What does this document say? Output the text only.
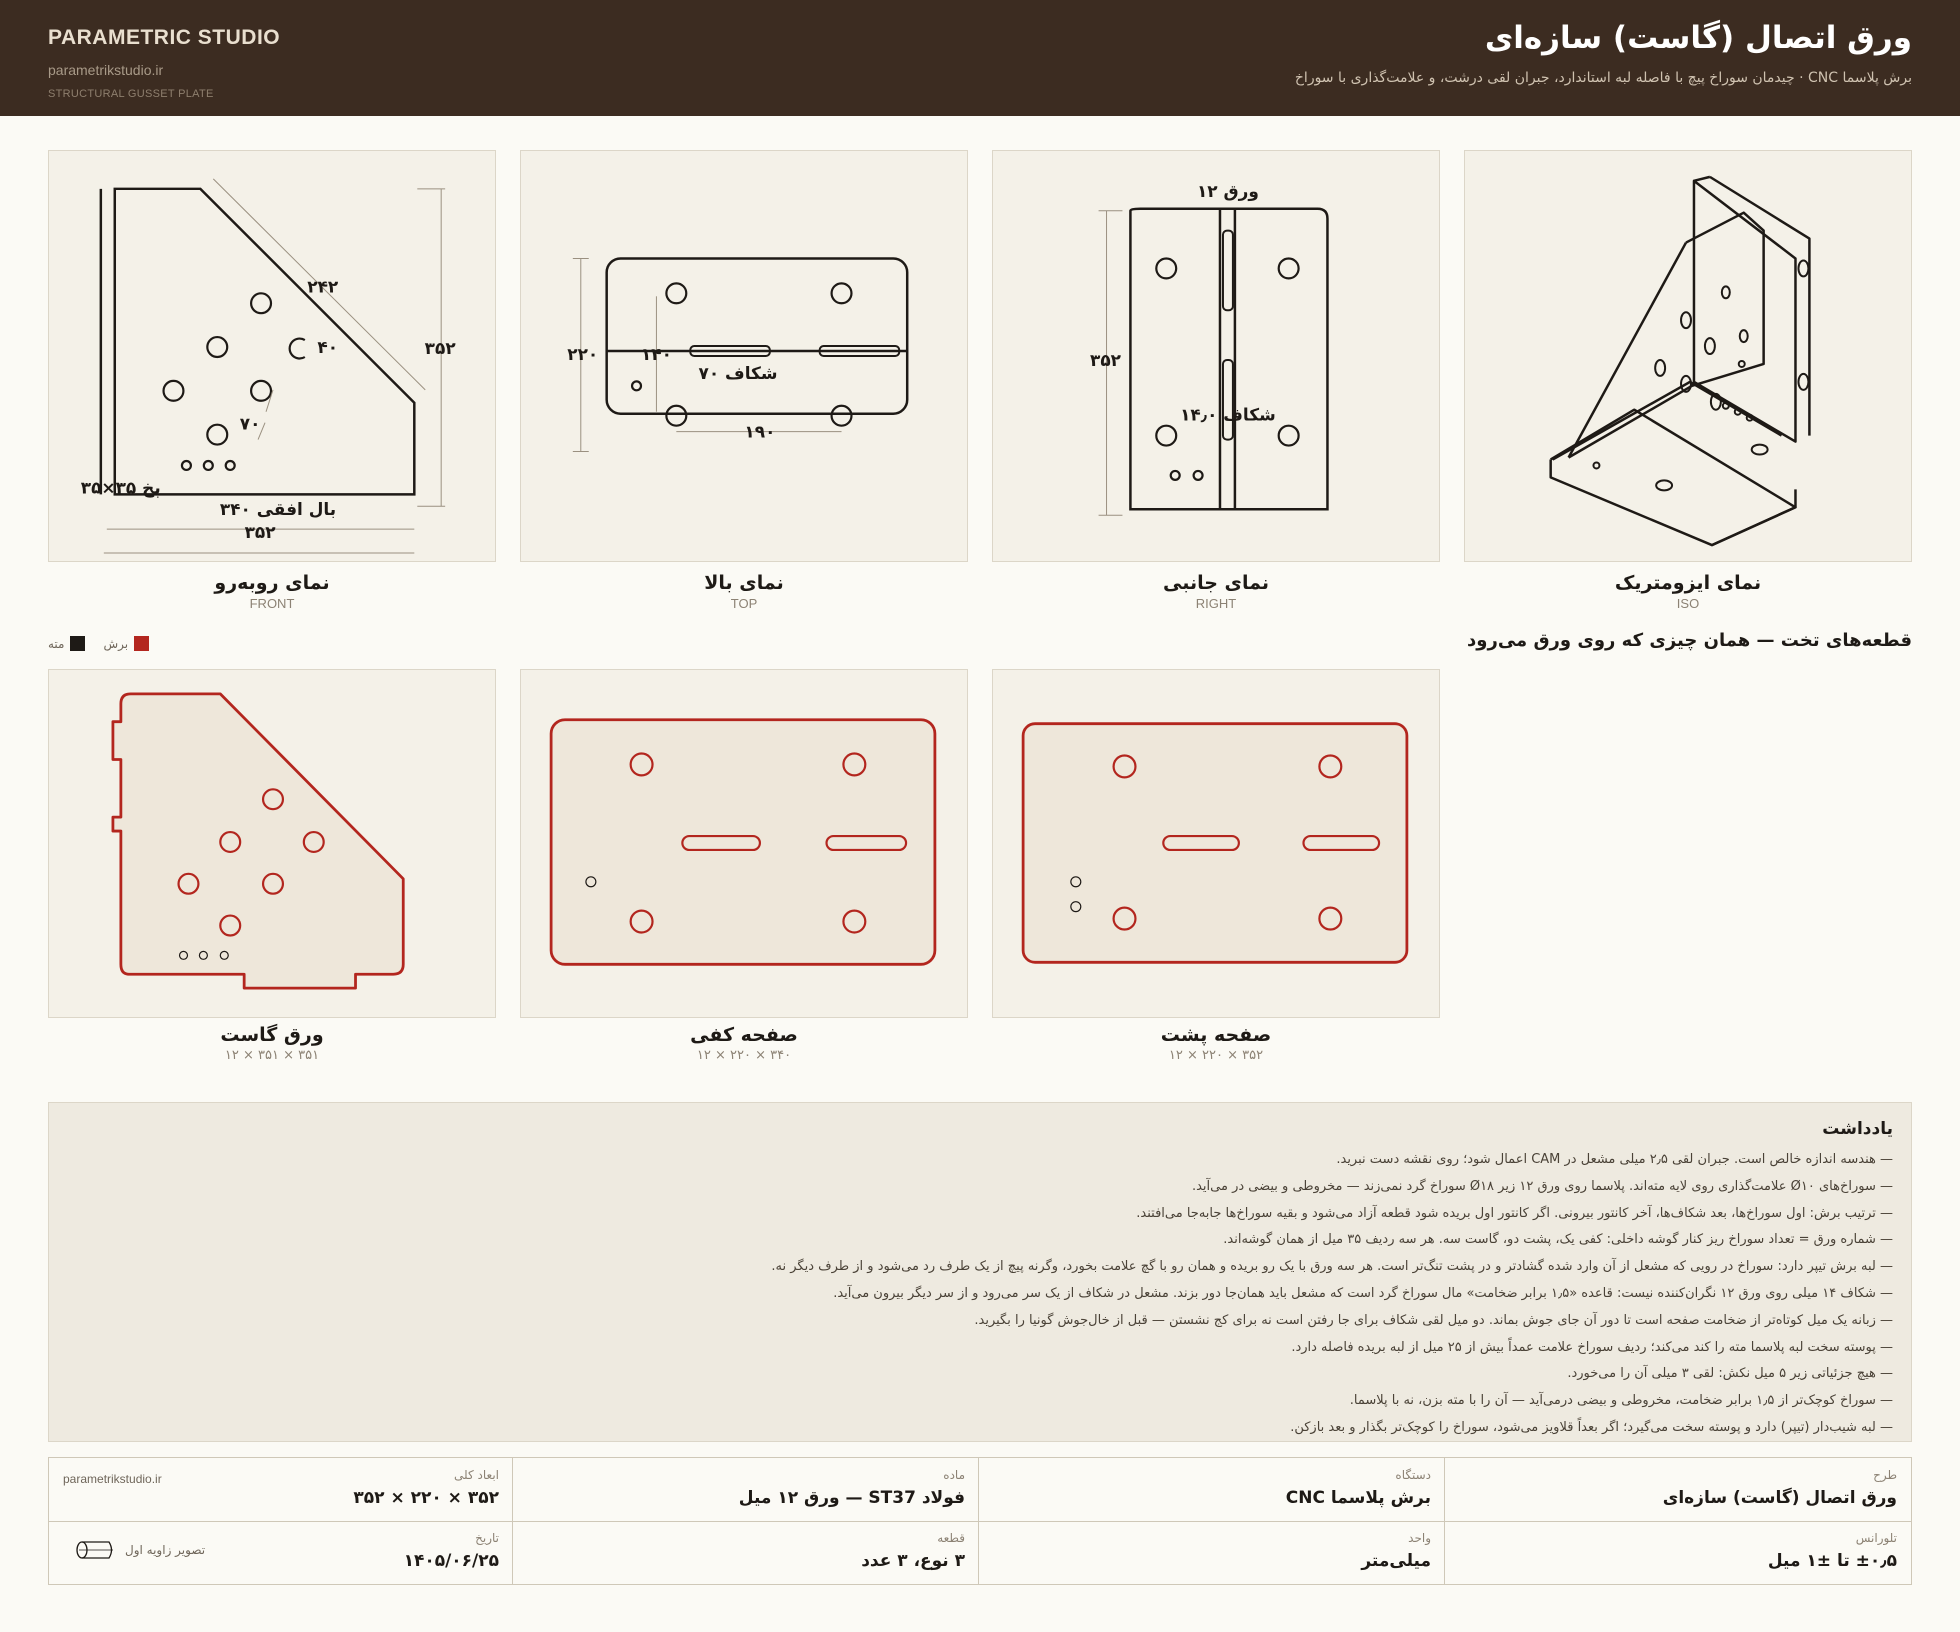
PARAMETRIC STUDIO
parametrikstudio.ir
STRUCTURAL GUSSET PLATE
ورق اتصال (گاست) سازه‌ای
برش پلاسما CNC · چیدمان سوراخ پیچ با فاصله لبه استاندارد، جبران لقی درشت، و علامت‌گذاری با سوراخ
۲۴۲
۳۵۲
۴۰
۷۰
پخ ۳۵×۳۵
بال افقی ۳۴۰
۳۵۲
۲۲۰	۱۴۰
شکاف ۷۰
۱۹۰
ورق ۱۲
۳۵۲
شکاف ۱۴٫۰
نمای روبه‌رو
FRONT
نمای بالا
TOP
نمای جانبی
RIGHT
نمای ایزومتریک
ISO
قطعه‌های تخت — همان چیزی که روی ورق می‌رود
برش
مته
ورق گاست
۳۵۱ × ۳۵۱ × ۱۲
صفحه کفی
۳۴۰ × ۲۲۰ × ۱۲
صفحه پشت
۳۵۲ × ۲۲۰ × ۱۲
یادداشت
— هندسه اندازه خالص است. جبران لقی ۲٫۵ میلی مشعل در CAM اعمال شود؛ روی نقشه دست نبرید.
— سوراخ‌های Ø۱۰ علامت‌گذاری روی لایه مته‌اند. پلاسما روی ورق ۱۲ زیر Ø۱۸ سوراخ گرد نمی‌زند — مخروطی و بیضی در می‌آید.
— ترتیب برش: اول سوراخ‌ها، بعد شکاف‌ها، آخر کانتور بیرونی. اگر کانتور اول بریده شود قطعه آزاد می‌شود و بقیه سوراخ‌ها جابه‌جا می‌افتند.
— شماره ورق = تعداد سوراخ ریز کنار گوشه داخلی: کفی یک، پشت دو، گاست سه. هر سه ردیف ۳۵ میل از همان گوشه‌اند.
— لبه برش تیپر دارد: سوراخ در رویی که مشعل از آن وارد شده گشادتر و در پشت تنگ‌تر است. هر سه ورق با یک رو بریده و همان رو با گچ علامت بخورد، وگرنه پیچ از یک طرف رد می‌شود و از طرف دیگر نه.
— شکاف ۱۴ میلی روی ورق ۱۲ نگران‌کننده نیست: قاعده «۱٫۵ برابر ضخامت» مال سوراخ گرد است که مشعل باید همان‌جا دور بزند. مشعل در شکاف از یک سر می‌رود و از سر دیگر بیرون می‌آید.
— زبانه یک میل کوتاه‌تر از ضخامت صفحه است تا دور آن جای جوش بماند. دو میل لقی شکاف برای جا رفتن است نه برای کج نشستن — قبل از خال‌جوش گونیا را بگیرید.
— پوسته سخت لبه پلاسما مته را کند می‌کند؛ ردیف سوراخ علامت عمداً بیش از ۲۵ میل از لبه بریده فاصله دارد.
— هیچ جزئیاتی زیر ۵ میل نکش: لقی ۳ میلی آن را می‌خورد.
— سوراخ کوچک‌تر از ۱٫۵ برابر ضخامت، مخروطی و بیضی درمی‌آید — آن را با مته بزن، نه با پلاسما.
— لبه شیب‌دار (تیپر) دارد و پوسته سخت می‌گیرد؛ اگر بعداً قلاویز می‌شود، سوراخ را کوچک‌تر بگذار و بعد بازکن.
طرح
ورق اتصال (گاست) سازه‌ای
دستگاه
برش پلاسما CNC
ماده
فولاد ST37 — ورق ۱۲ میل
ابعاد کلی
۳۵۲ × ۲۲۰ × ۳۵۲
تلورانس
±۰٫۵ تا ±۱ میل
واحد
میلی‌متر
قطعه
۳ نوع، ۳ عدد
تاریخ
۱۴۰۵/۰۶/۲۵
parametrikstudio.ir
تصویر زاویه اول
